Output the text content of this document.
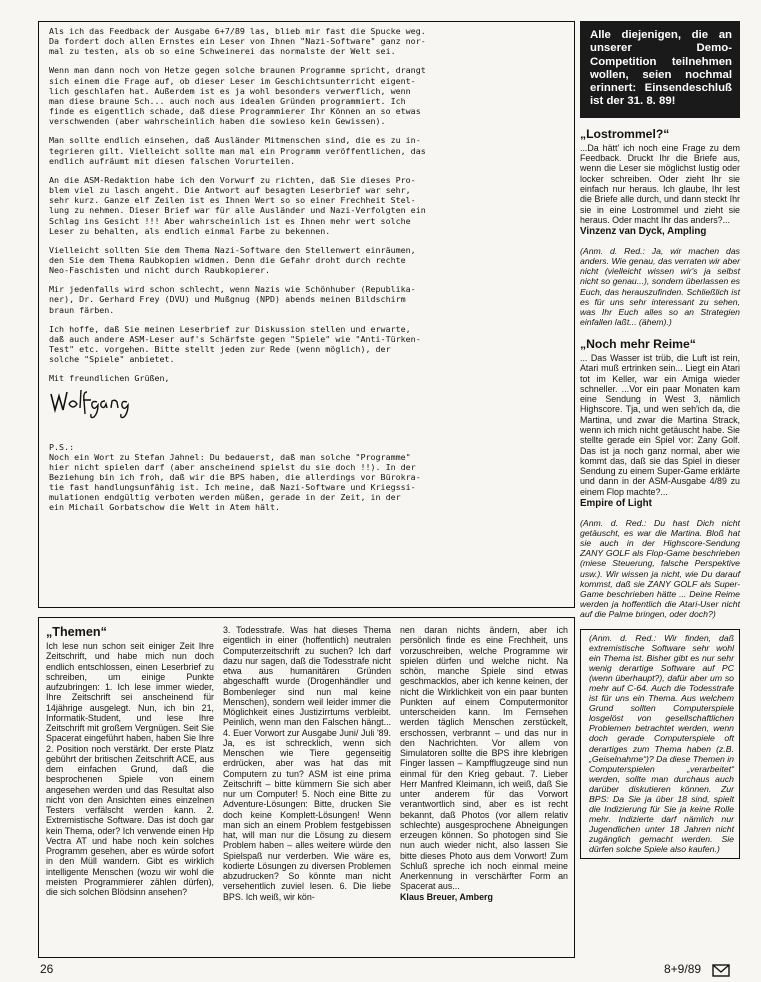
Als ich das Feedback der Ausgabe 6+7/89 las, blieb mir fast die Spucke weg.
Da fordert doch allen Ernstes ein Leser von Ihnen "Nazi-Software" ganz nor-
mal zu testen, als ob so eine Schweinerei das normalste der Welt sei.

Wenn man dann noch von Hetze gegen solche braunen Programme spricht, drangt
sich einem die Frage auf, ob dieser Leser im Geschichtsunterricht eigent-
lich geschlafen hat. Außerdem ist es ja wohl besonders verwerflich, wenn
man diese braune Sch... auch noch aus idealen Gründen programmiert. Ich
finde es eigentlich schade, daß diese Programmierer Ihr Können an so etwas
verschwenden (aber wahrscheinlich haben die sowieso kein Gewissen).

Man sollte endlich einsehen, daß Ausländer Mitmenschen sind, die es zu in-
tegrieren gilt. Vielleicht sollte man mal ein Programm veröffentlichen, das
endlich aufräumt mit diesen falschen Vorurteilen.

An die ASM-Redaktion habe ich den Vorwurf zu richten, daß Sie dieses Pro-
blem viel zu lasch angeht. Die Antwort auf besagten Leserbrief war sehr,
sehr kurz. Ganze elf Zeilen ist es Ihnen Wert so so einer Frechheit Stel-
lung zu nehmen. Dieser Brief war für alle Ausländer und Nazi-Verfolgten ein
Schlag ins Gesicht !!! Aber wahrscheinlich ist es Ihnen mehr wert solche
Leser zu behalten, als endlich einmal Farbe zu bekennen.

Vielleicht sollten Sie dem Thema Nazi-Software den Stellenwert einräumen,
den Sie dem Thema Raubkopien widmen. Denn die Gefahr droht durch rechte
Neo-Faschisten und nicht durch Raubkopierer.

Mir jedenfalls wird schon schlecht, wenn Nazis wie Schönhuber (Republika-
ner), Dr. Gerhard Frey (DVU) und Mußgnug (NPD) abends meinen Bildschirm
braun färben.

Ich hoffe, daß Sie meinen Leserbrief zur Diskussion stellen und erwarte,
daß auch andere ASM-Leser auf's Schärfste gegen "Spiele" wie "Anti-Türken-
Test" etc. vorgehen. Bitte stellt jeden zur Rede (wenn möglich), der
solche "Spiele" anbietet.

Mit freundlichen Grüßen,
P.S.:
Noch ein Wort zu Stefan Jahnel: Du bedauerst, daß man solche "Programme"
hier nicht spielen darf (aber anscheinend spielst du sie doch !!). In der
Beziehung bin ich froh, daß wir die BPS haben, die allerdings vor Bürokra-
tie fast handlungsunfähig ist. Ich meine, daß Nazi-Software und Kriegssi-
mulationen endgültig verboten werden müßen, gerade in der Zeit, in der
ein Michail Gorbatschow die Welt in Atem hält.
Alle diejenigen, die an unserer Demo-Competition teilnehmen wollen, seien nochmal erinnert: Einsendeschluß ist der 31. 8. 89!
„Lostrommel?“

...Da hätt' ich noch eine Frage zu dem Feedback. Druckt Ihr die Briefe aus, wenn die Leser sie möglichst lustig oder locker schreiben. Oder zieht Ihr sie einfach nur heraus. Ich glaube, Ihr lest die Briefe alle durch, und dann steckt Ihr sie in eine Lostrommel und zieht sie heraus. Oder macht Ihr das anders?...

Vinzenz van Dyck, Ampling

(Anm. d. Red.: Ja, wir machen das anders. Wie genau, das verraten wir aber nicht (vielleicht wissen wir's ja selbst nicht so genau...), sondern überlassen es Euch, das herauszufinden. Schließlich ist es für uns sehr interessant zu sehen, was Ihr Euch alles so an Strategien einfallen laßt... (ähem).)

„Noch mehr Reime“

... Das Wasser ist trüb, die Luft ist rein, Atari muß ertrinken sein... Liegt ein Atari tot im Keller, war ein Amiga wieder schneller. ...Vor ein paar Monaten kam eine Sendung in West 3, nämlich Highscore. Tja, und wen seh'ich da, die Martina, und zwar die Martina Strack, wenn ich mich nicht getäuscht habe. Sie stellte gerade ein Spiel vor: Zany Golf. Das ist ja noch ganz normal, aber wie kommt das, daß sie das Spiel in dieser Sendung zu einem Super-Game erklärte und dann in der ASM-Ausgabe 4/89 zu einem Flop machte?...

Empire of Light

(Anm. d. Red.: Du hast Dich nicht getäuscht, es war die Martina. Bloß hat sie auch in der Highscore-Sendung ZANY GOLF als Flop-Game beschrieben (miese Steuerung, falsche Perspektive usw.). Wir wissen ja nicht, wie Du darauf kommst, daß sie ZANY GOLF als Super-Game beschrieben hätte ... Deine Reime werden ja hoffentlich die Atari-User nicht auf die Palme bringen, oder doch?)

(Anm. d. Red.: Wir finden, daß extremistische Software sehr wohl ein Thema ist. Bisher gibt es nur sehr wenig derartige Software auf PC (wenn überhaupt?), dafür aber um so mehr auf C-64. Auch die Todesstrafe ist für uns ein Thema. Aus welchem Grund sollten Computerspiele losgelöst von gesellschaftlichen Problemen betrachtet werden, wenn doch gerade Computerspiele oft derartiges zum Thema haben (z.B. „Geiselnahme“)? Da diese Themen in Computerspielen „verarbeitet“ werden, sollte man durchaus auch darüber diskutieren können. Zur BPS: Da Sie ja über 18 sind, spielt die Indizierung für Sie ja keine Rolle mehr. Indizierte darf nämlich nur Jugendlichen unter 18 Jahren nicht zugänglich gemacht werden. Sie dürfen solche Spiele also kaufen.)
„Themen“

Ich lese nun schon seit einiger Zeit Ihre Zeitschrift, und habe mich nun doch endlich entschlossen, einen Leserbrief zu schreiben, um einige Punkte aufzubringen: 1. Ich lese immer wieder, Ihre Zeitschrift sei anscheinend für 14jährige ausgelegt. Nun, ich bin 21, Informatik-Student, und lese Ihre Zeitschrift mit großem Vergnügen. Seit Sie Spacerat eingeführt haben, haben Sie Ihre 2. Position noch verstärkt. Der erste Platz gebührt der britischen Zeitschrift ACE, aus dem einfachen Grund, daß die besprochenen Spiele von einem angesehen werden und das Resultat also nicht von den Ansichten eines einzelnen Testers verfälscht werden kann. 2. Extremistische Software. Das ist doch gar kein Thema, oder? Ich verwende einen Hp Vectra AT und habe noch kein solches Programm gesehen, aber es würde sofort in den Müll wandern. Gibt es wirklich intelligente Menschen (wozu wir wohl die meisten Programmierer zählen dürfen), die sich solchen Blödsinn ansehen?

3. Todesstrafe. Was hat dieses Thema eigentlich in einer (hoffentlich) neutralen Computerzeitschrift zu suchen? Ich darf dazu nur sagen, daß die Todesstrafe nicht etwa aus humanitären Gründen abgeschafft wurde (Drogenhändler und Bombenleger sind nun mal keine Menschen), sondern weil leider immer die Möglichkeit eines Justizirrtums verbleibt. Peinlich, wenn man den Falschen hängt... 4. Euer Vorwort zur Ausgabe Juni/ Juli '89. Ja, es ist schrecklich, wenn sich Menschen wie Tiere gegenseitig erdrücken, aber was hat das mit Computern zu tun? ASM ist eine prima Zeitschrift – bitte kümmern Sie sich aber nur um Computer! 5. Noch eine Bitte zu Adventure-Lösungen: Bitte, drucken Sie doch keine Komplett-Lösungen! Wenn man sich an einem Problem festgebissen hat, will man nur die Lösung zu diesem Problem haben – alles weitere würde den Spielspaß nur verderben. Wie wäre es, kodierte Lösungen zu diversen Problemen abzudrucken? So könnte man nicht versehentlich zuviel lesen. 6. Die liebe BPS. Ich weiß, wir kön-

nen daran nichts ändern, aber ich persönlich finde es eine Frechheit, uns vorzuschreiben, welche Programme wir spielen dürfen und welche nicht. Na schön, manche Spiele sind etwas geschmacklos, aber ich kenne keinen, der nicht die Wirklichkeit von ein paar bunten Punkten auf einem Computermonitor unterscheiden kann. Im Fernsehen werden täglich Menschen zerstückelt, erschossen, verbrannt – und das nur in den Nachrichten. Vor allem von Simulatoren sollte die BPS ihre klebrigen Finger lassen – Kampfflugzeuge sind nun einmal für den Krieg gebaut. 7. Lieber Herr Manfred Kleimann, ich weiß, daß Sie unter anderem für das Vorwort verantwortlich sind, aber es ist recht bekannt, daß Photos (vor allem relativ schlechte) ausgesprochene Abneigungen erzeugen können. So photogen sind Sie nun auch wieder nicht, also lassen Sie bitte dieses Photo aus dem Vorwort! Zum Schluß spreche ich noch einmal meine Anerkennung in verschärfter Form an Spacerat aus...

Klaus Breuer, Amberg

26	8+9/89
